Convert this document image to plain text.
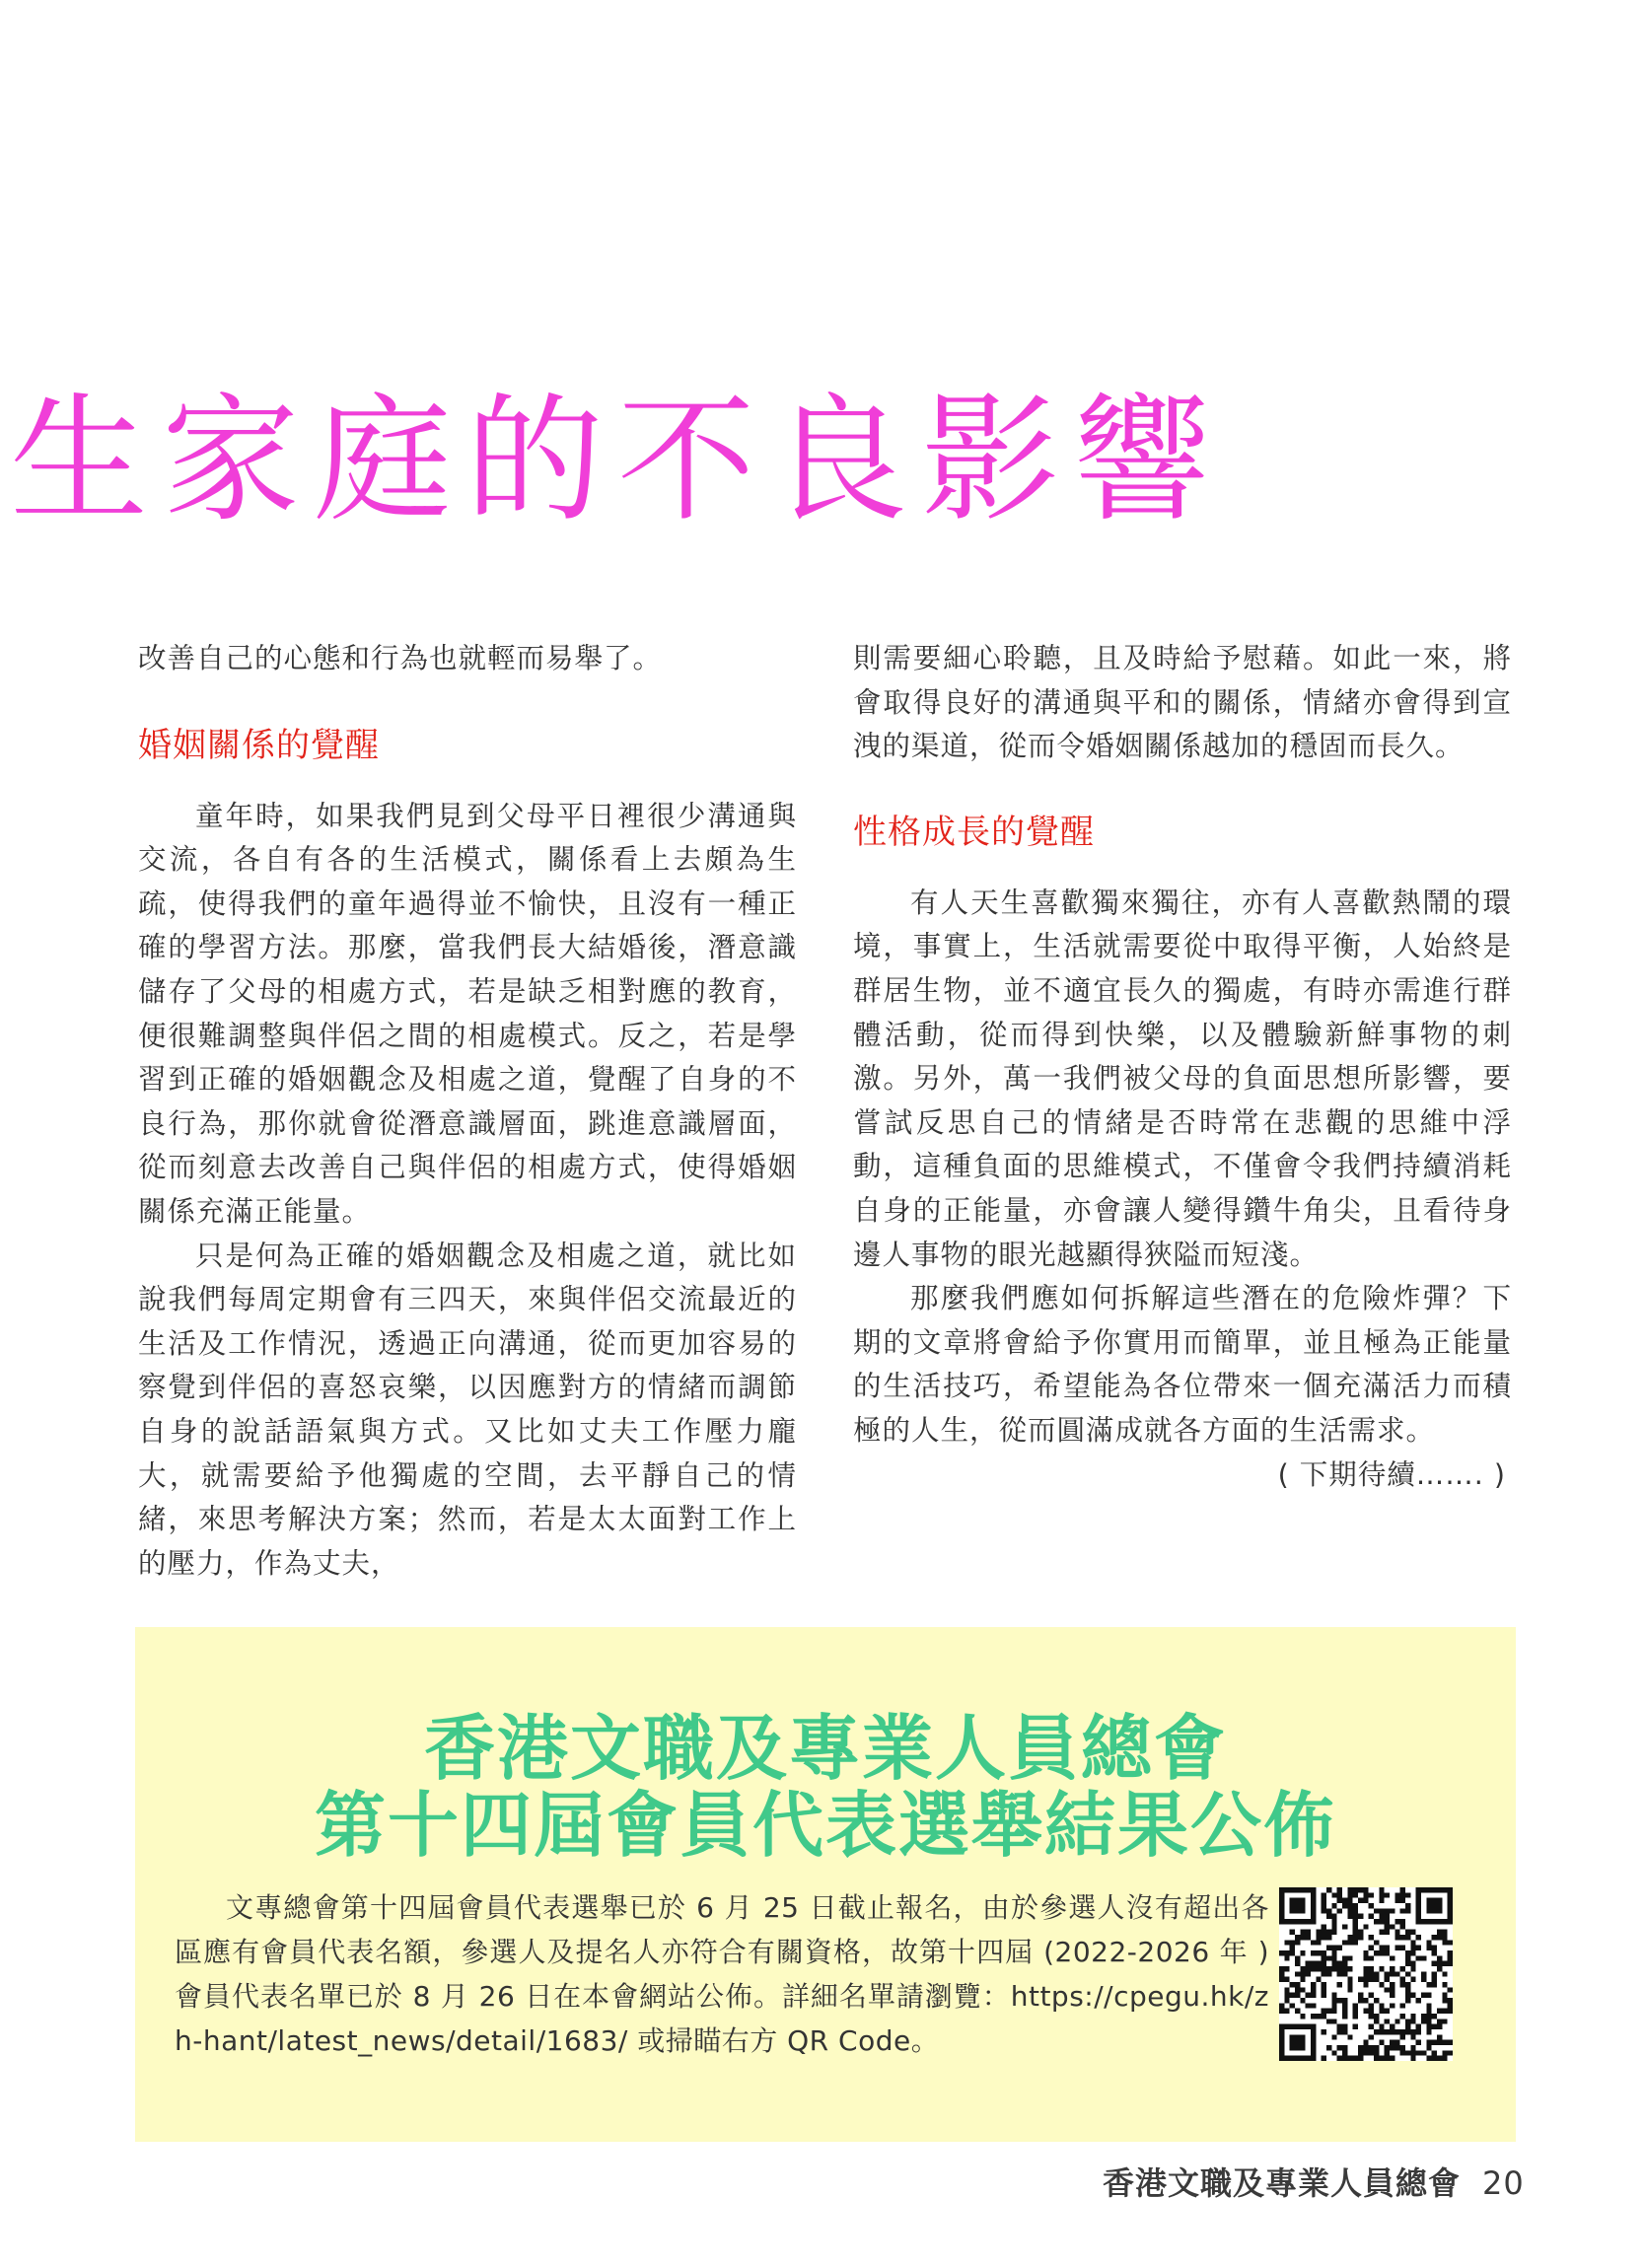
生家庭的不良影響

改善自己的心態和行為也就輕而易舉了。

婚姻關係的覺醒

童年時，如果我們見到父母平日裡很少溝通與交流，各自有各的生活模式，關係看上去頗為生疏，使得我們的童年過得並不愉快，且沒有一種正確的學習方法。那麼，當我們長大結婚後，潛意識儲存了父母的相處方式，若是缺乏相對應的教育，便很難調整與伴侶之間的相處模式。反之，若是學習到正確的婚姻觀念及相處之道，覺醒了自身的不良行為，那你就會從潛意識層面，跳進意識層面，從而刻意去改善自己與伴侶的相處方式，使得婚姻關係充滿正能量。

只是何為正確的婚姻觀念及相處之道，就比如說我們每周定期會有三四天，來與伴侶交流最近的生活及工作情況，透過正向溝通，從而更加容易的察覺到伴侶的喜怒哀樂，以因應對方的情緒而調節自身的說話語氣與方式。又比如丈夫工作壓力龐大，就需要給予他獨處的空間，去平靜自己的情緒，來思考解決方案；然而，若是太太面對工作上的壓力，作為丈夫，

則需要細心聆聽，且及時給予慰藉。如此一來，將會取得良好的溝通與平和的關係，情緒亦會得到宣洩的渠道，從而令婚姻關係越加的穩固而長久。

性格成長的覺醒

有人天生喜歡獨來獨往，亦有人喜歡熱鬧的環境，事實上，生活就需要從中取得平衡，人始終是群居生物，並不適宜長久的獨處，有時亦需進行群體活動，從而得到快樂，以及體驗新鮮事物的刺激。另外，萬一我們被父母的負面思想所影響，要嘗試反思自己的情緒是否時常在悲觀的思維中浮動，這種負面的思維模式，不僅會令我們持續消耗自身的正能量，亦會讓人變得鑽牛角尖，且看待身邊人事物的眼光越顯得狹隘而短淺。

那麼我們應如何拆解這些潛在的危險炸彈？下期的文章將會給予你實用而簡單，並且極為正能量的生活技巧，希望能為各位帶來一個充滿活力而積極的人生，從而圓滿成就各方面的生活需求。

( 下期待續……. )

香港文職及專業人員總會
第十四屆會員代表選舉結果公佈

文專總會第十四屆會員代表選舉已於 6 月 25 日截止報名，由於參選人沒有超出各區應有會員代表名額，參選人及提名人亦符合有關資格，故第十四屆 (2022-2026 年 ) 會員代表名單已於 8 月 26 日在本會網站公佈。詳細名單請瀏覽：https://cpegu.hk/zh-hant/latest_news/detail/1683/ 或掃瞄右方 QR Code。

香港文職及專業人員總會 20
